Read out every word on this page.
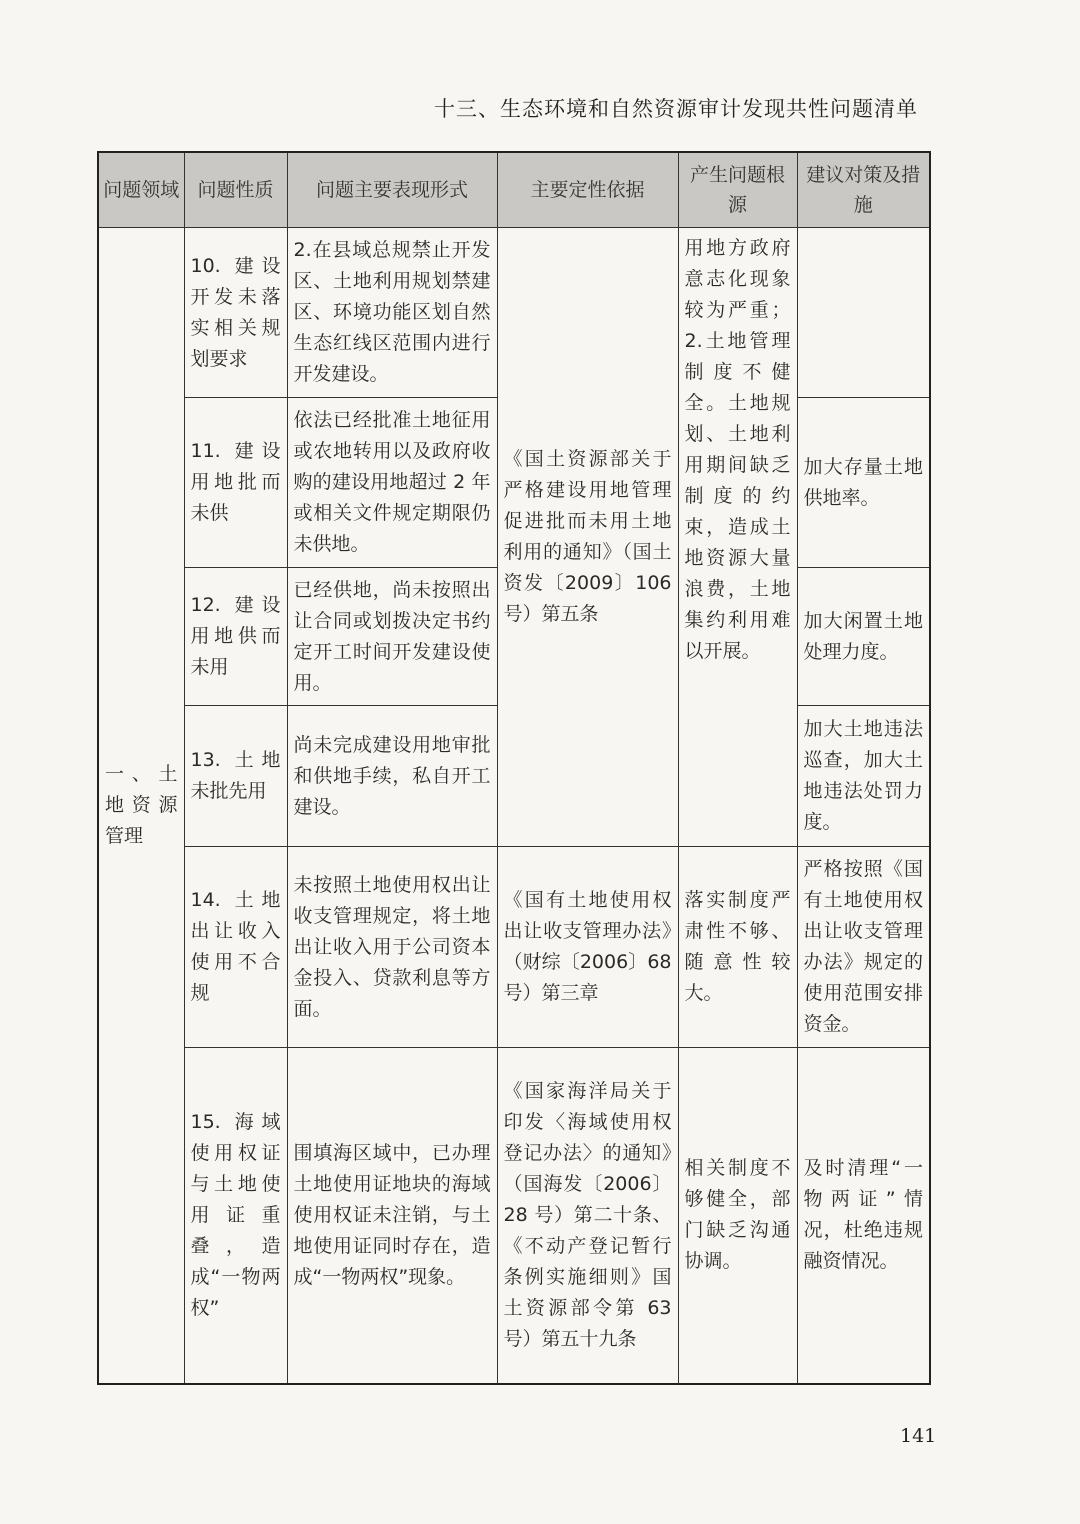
十三、生态环境和自然资源审计发现共性问题清单
问题领域	问题性质	问题主要表现形式	主要定性依据	产生问题根源	建议对策及措施
一、土地资源管理	10. 建设开发未落实相关规划要求	2.在县域总规禁止开发区、土地利用规划禁建区、环境功能区划自然生态红线区范围内进行开发建设。	《国土资源部关于严格建设用地管理促进批而未用土地利用的通知》（国土资发〔2009〕106 号）第五条	用地方政府意志化现象较为严重；2.土地管理制度不健全。土地规划、土地利用期间缺乏制度的约束，造成土地资源大量浪费，土地集约利用难以开展。	
	11. 建设用地批而未供	依法已经批准土地征用或农地转用以及政府收购的建设用地超过 2 年或相关文件规定期限仍未供地。			加大存量土地供地率。
	12. 建设用地供而未用	已经供地，尚未按照出让合同或划拨决定书约定开工时间开发建设使用。			加大闲置土地处理力度。
	13. 土地未批先用	尚未完成建设用地审批和供地手续，私自开工建设。			加大土地违法巡查，加大土地违法处罚力度。
	14. 土地出让收入使用不合规	未按照土地使用权出让收支管理规定，将土地出让收入用于公司资本金投入、贷款利息等方面。	《国有土地使用权出让收支管理办法》（财综〔2006〕68 号）第三章	落实制度严肃性不够、随意性较大。	严格按照《国有土地使用权出让收支管理办法》规定的使用范围安排资金。
	15. 海域使用权证与土地使用证重叠，造成“一物两权”	围填海区域中，已办理土地使用证地块的海域使用权证未注销，与土地使用证同时存在，造成“一物两权”现象。	《国家海洋局关于印发〈海域使用权登记办法〉的通知》（国海发〔2006〕28 号）第二十条、《不动产登记暂行条例实施细则》国土资源部令第 63 号）第五十九条	相关制度不够健全，部门缺乏沟通协调。	及时清理“一物两证”情况，杜绝违规融资情况。
141
